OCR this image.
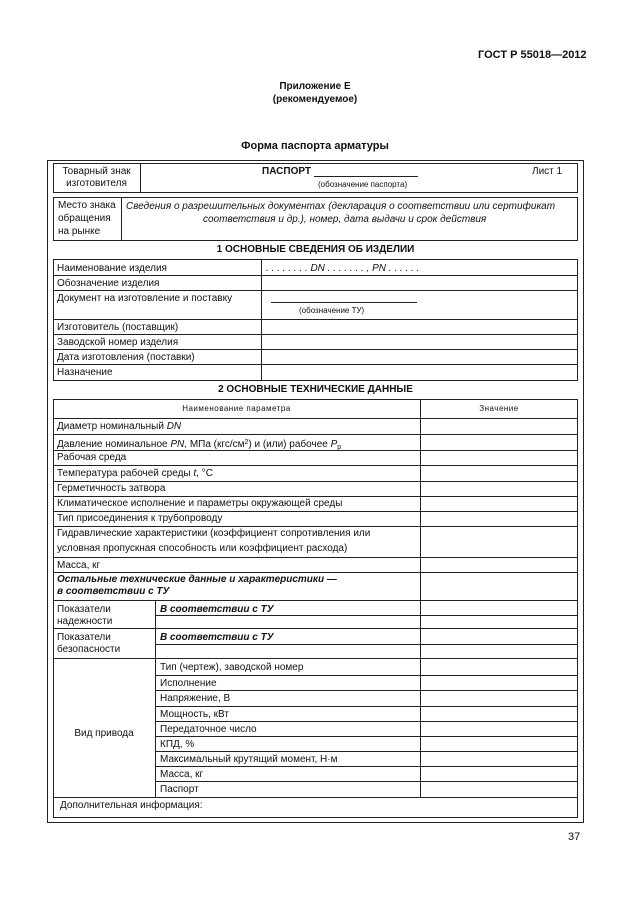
ГОСТ Р 55018—2012
Приложение Е
(рекомендуемое)
Форма паспорта арматуры
Товарный знак
изготовителя
ПАСПОРТ
(обозначение паспорта)
Лист 1
Место знака
обращения
на рынке
Сведения о разрешительных документах (декларация о соответствии или сертификат
соответствия и др.), номер, дата выдачи и срок действия
1 ОСНОВНЫЕ СВЕДЕНИЯ ОБ ИЗДЕЛИИ
Наименование изделия	. . . . . . . . DN . . . . . . . , PN . . . . . .
Обозначение изделия
Документ на изготовление и поставку
(обозначение ТУ)
Изготовитель (поставщик)
Заводской номер изделия
Дата изготовления (поставки)
Назначение
2 ОСНОВНЫЕ ТЕХНИЧЕСКИЕ ДАННЫЕ
Наименование параметра	Значение
Диаметр номинальный DN
Давление номинальное PN, МПа $(кгс/см^2)$ и (или) рабочее $P_р$
Рабочая среда
Температура рабочей среды t, °С
Герметичность затвора
Климатическое исполнение и параметры окружающей среды
Тип присоединения к трубопроводу
Гидравлические характеристики (коэффициент сопротивления или
условная пропускная способность или коэффициент расхода)
Масса, кг
Остальные технические данные и характеристики —
в соответствии с ТУ
Показатели
надежности
В соответствии с ТУ
Показатели
безопасности
В соответствии с ТУ
Вид привода
Тип (чертеж), заводской номер
Исполнение
Напряжение, В
Мощность, кВт
Передаточное число
КПД, %
Максимальный крутящий момент, Н·м
Масса, кг
Паспорт
Дополнительная информация:
37
